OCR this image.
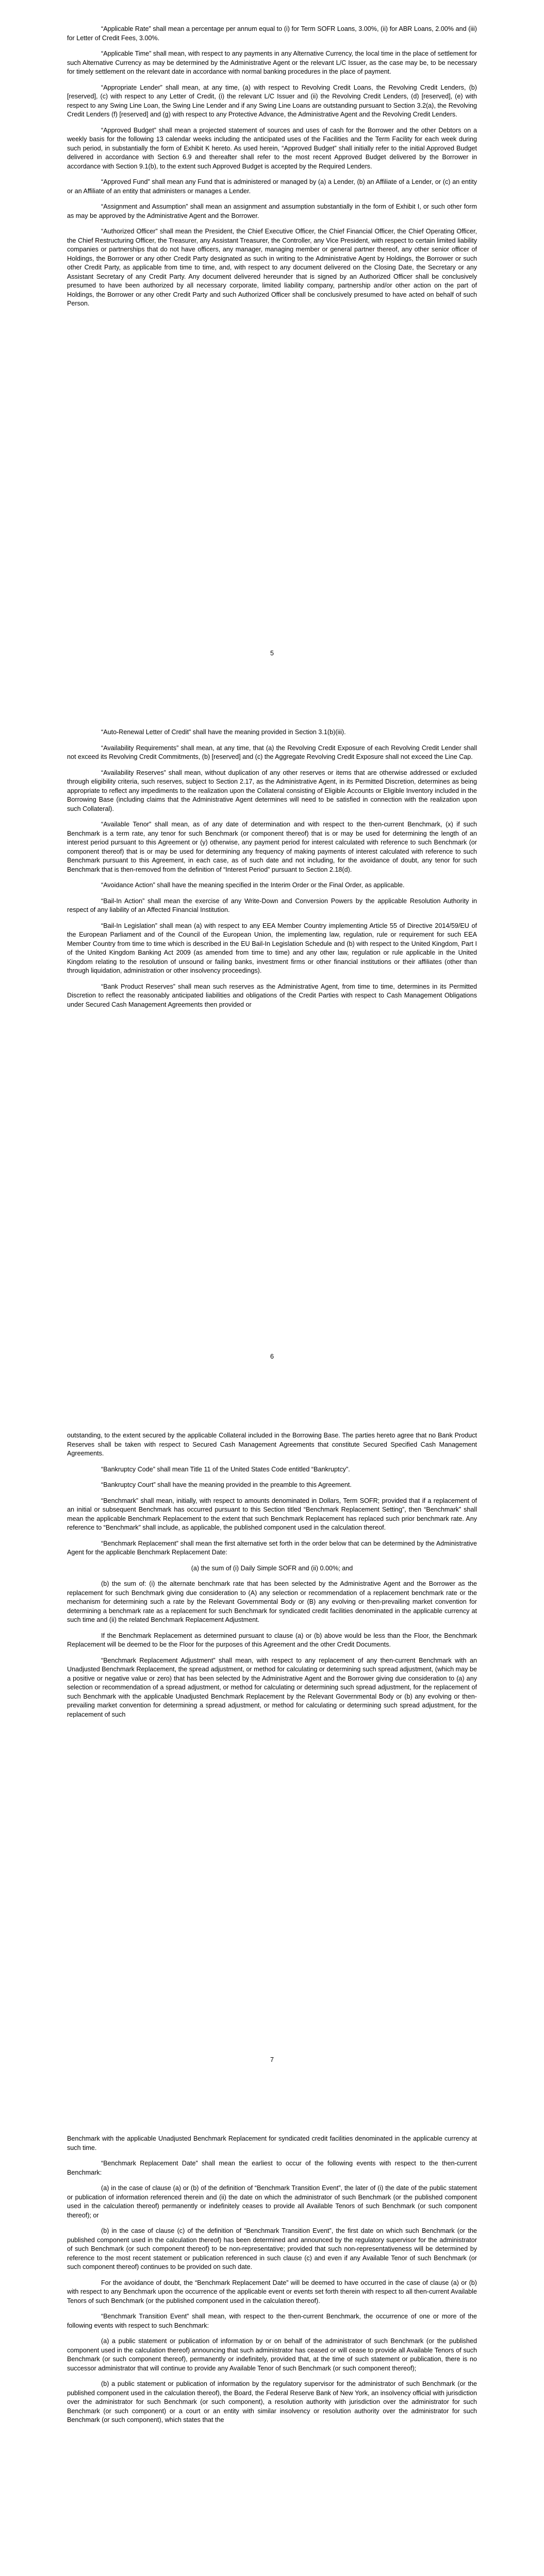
“Applicable Rate” shall mean a percentage per annum equal to (i) for Term SOFR Loans, 3.00%, (ii) for ABR Loans, 2.00% and (iii) for Letter of Credit Fees, 3.00%.

“Applicable Time” shall mean, with respect to any payments in any Alternative Currency, the local time in the place of settlement for such Alternative Currency as may be determined by the Administrative Agent or the relevant L/C Issuer, as the case may be, to be necessary for timely settlement on the relevant date in accordance with normal banking procedures in the place of payment.

“Appropriate Lender” shall mean, at any time, (a) with respect to Revolving Credit Loans, the Revolving Credit Lenders, (b) [reserved], (c) with respect to any Letter of Credit, (i) the relevant L/C Issuer and (ii) the Revolving Credit Lenders, (d) [reserved], (e) with respect to any Swing Line Loan, the Swing Line Lender and if any Swing Line Loans are outstanding pursuant to Section 3.2(a), the Revolving Credit Lenders (f) [reserved] and (g) with respect to any Protective Advance, the Administrative Agent and the Revolving Credit Lenders.

“Approved Budget” shall mean a projected statement of sources and uses of cash for the Borrower and the other Debtors on a weekly basis for the following 13 calendar weeks including the anticipated uses of the Facilities and the Term Facility for each week during such period, in substantially the form of Exhibit K hereto. As used herein, “Approved Budget” shall initially refer to the initial Approved Budget delivered in accordance with Section 6.9 and thereafter shall refer to the most recent Approved Budget delivered by the Borrower in accordance with Section 9.1(b), to the extent such Approved Budget is accepted by the Required Lenders.

“Approved Fund” shall mean any Fund that is administered or managed by (a) a Lender, (b) an Affiliate of a Lender, or (c) an entity or an Affiliate of an entity that administers or manages a Lender.

“Assignment and Assumption” shall mean an assignment and assumption substantially in the form of Exhibit I, or such other form as may be approved by the Administrative Agent and the Borrower.

“Authorized Officer” shall mean the President, the Chief Executive Officer, the Chief Financial Officer, the Chief Operating Officer, the Chief Restructuring Officer, the Treasurer, any Assistant Treasurer, the Controller, any Vice President, with respect to certain limited liability companies or partnerships that do not have officers, any manager, managing member or general partner thereof, any other senior officer of Holdings, the Borrower or any other Credit Party designated as such in writing to the Administrative Agent by Holdings, the Borrower or such other Credit Party, as applicable from time to time, and, with respect to any document delivered on the Closing Date, the Secretary or any Assistant Secretary of any Credit Party. Any document delivered hereunder that is signed by an Authorized Officer shall be conclusively presumed to have been authorized by all necessary corporate, limited liability company, partnership and/or other action on the part of Holdings, the Borrower or any other Credit Party and such Authorized Officer shall be conclusively presumed to have acted on behalf of such Person.

5

“Auto-Renewal Letter of Credit” shall have the meaning provided in Section 3.1(b)(iii).

“Availability Requirements” shall mean, at any time, that (a) the Revolving Credit Exposure of each Revolving Credit Lender shall not exceed its Revolving Credit Commitments, (b) [reserved] and (c) the Aggregate Revolving Credit Exposure shall not exceed the Line Cap.

“Availability Reserves” shall mean, without duplication of any other reserves or items that are otherwise addressed or excluded through eligibility criteria, such reserves, subject to Section 2.17, as the Administrative Agent, in its Permitted Discretion, determines as being appropriate to reflect any impediments to the realization upon the Collateral consisting of Eligible Accounts or Eligible Inventory included in the Borrowing Base (including claims that the Administrative Agent determines will need to be satisfied in connection with the realization upon such Collateral).

“Available Tenor” shall mean, as of any date of determination and with respect to the then-current Benchmark, (x) if such Benchmark is a term rate, any tenor for such Benchmark (or component thereof) that is or may be used for determining the length of an interest period pursuant to this Agreement or (y) otherwise, any payment period for interest calculated with reference to such Benchmark (or component thereof) that is or may be used for determining any frequency of making payments of interest calculated with reference to such Benchmark pursuant to this Agreement, in each case, as of such date and not including, for the avoidance of doubt, any tenor for such Benchmark that is then-removed from the definition of “Interest Period” pursuant to Section 2.18(d).

“Avoidance Action” shall have the meaning specified in the Interim Order or the Final Order, as applicable.

“Bail-In Action” shall mean the exercise of any Write-Down and Conversion Powers by the applicable Resolution Authority in respect of any liability of an Affected Financial Institution.

“Bail-In Legislation” shall mean (a) with respect to any EEA Member Country implementing Article 55 of Directive 2014/59/EU of the European Parliament and of the Council of the European Union, the implementing law, regulation, rule or requirement for such EEA Member Country from time to time which is described in the EU Bail-In Legislation Schedule and (b) with respect to the United Kingdom, Part I of the United Kingdom Banking Act 2009 (as amended from time to time) and any other law, regulation or rule applicable in the United Kingdom relating to the resolution of unsound or failing banks, investment firms or other financial institutions or their affiliates (other than through liquidation, administration or other insolvency proceedings).

“Bank Product Reserves” shall mean such reserves as the Administrative Agent, from time to time, determines in its Permitted Discretion to reflect the reasonably anticipated liabilities and obligations of the Credit Parties with respect to Cash Management Obligations under Secured Cash Management Agreements then provided or

6

outstanding, to the extent secured by the applicable Collateral included in the Borrowing Base. The parties hereto agree that no Bank Product Reserves shall be taken with respect to Secured Cash Management Agreements that constitute Secured Specified Cash Management Agreements.

“Bankruptcy Code” shall mean Title 11 of the United States Code entitled “Bankruptcy”.

“Bankruptcy Court” shall have the meaning provided in the preamble to this Agreement.

“Benchmark” shall mean, initially, with respect to amounts denominated in Dollars, Term SOFR; provided that if a replacement of an initial or subsequent Benchmark has occurred pursuant to this Section titled “Benchmark Replacement Setting”, then “Benchmark” shall mean the applicable Benchmark Replacement to the extent that such Benchmark Replacement has replaced such prior benchmark rate. Any reference to “Benchmark” shall include, as applicable, the published component used in the calculation thereof.

“Benchmark Replacement” shall mean the first alternative set forth in the order below that can be determined by the Administrative Agent for the applicable Benchmark Replacement Date:

(a) the sum of (i) Daily Simple SOFR and (ii) 0.00%; and

(b) the sum of: (i) the alternate benchmark rate that has been selected by the Administrative Agent and the Borrower as the replacement for such Benchmark giving due consideration to (A) any selection or recommendation of a replacement benchmark rate or the mechanism for determining such a rate by the Relevant Governmental Body or (B) any evolving or then-prevailing market convention for determining a benchmark rate as a replacement for such Benchmark for syndicated credit facilities denominated in the applicable currency at such time and (ii) the related Benchmark Replacement Adjustment.

If the Benchmark Replacement as determined pursuant to clause (a) or (b) above would be less than the Floor, the Benchmark Replacement will be deemed to be the Floor for the purposes of this Agreement and the other Credit Documents.

“Benchmark Replacement Adjustment” shall mean, with respect to any replacement of any then-current Benchmark with an Unadjusted Benchmark Replacement, the spread adjustment, or method for calculating or determining such spread adjustment, (which may be a positive or negative value or zero) that has been selected by the Administrative Agent and the Borrower giving due consideration to (a) any selection or recommendation of a spread adjustment, or method for calculating or determining such spread adjustment, for the replacement of such Benchmark with the applicable Unadjusted Benchmark Replacement by the Relevant Governmental Body or (b) any evolving or then-prevailing market convention for determining a spread adjustment, or method for calculating or determining such spread adjustment, for the replacement of such

7

Benchmark with the applicable Unadjusted Benchmark Replacement for syndicated credit facilities denominated in the applicable currency at such time.

“Benchmark Replacement Date” shall mean the earliest to occur of the following events with respect to the then-current Benchmark:

(a) in the case of clause (a) or (b) of the definition of “Benchmark Transition Event”, the later of (i) the date of the public statement or publication of information referenced therein and (ii) the date on which the administrator of such Benchmark (or the published component used in the calculation thereof) permanently or indefinitely ceases to provide all Available Tenors of such Benchmark (or such component thereof); or

(b) in the case of clause (c) of the definition of “Benchmark Transition Event”, the first date on which such Benchmark (or the published component used in the calculation thereof) has been determined and announced by the regulatory supervisor for the administrator of such Benchmark (or such component thereof) to be non-representative; provided that such non-representativeness will be determined by reference to the most recent statement or publication referenced in such clause (c) and even if any Available Tenor of such Benchmark (or such component thereof) continues to be provided on such date.

For the avoidance of doubt, the “Benchmark Replacement Date” will be deemed to have occurred in the case of clause (a) or (b) with respect to any Benchmark upon the occurrence of the applicable event or events set forth therein with respect to all then-current Available Tenors of such Benchmark (or the published component used in the calculation thereof).

“Benchmark Transition Event” shall mean, with respect to the then-current Benchmark, the occurrence of one or more of the following events with respect to such Benchmark:

(a) a public statement or publication of information by or on behalf of the administrator of such Benchmark (or the published component used in the calculation thereof) announcing that such administrator has ceased or will cease to provide all Available Tenors of such Benchmark (or such component thereof), permanently or indefinitely, provided that, at the time of such statement or publication, there is no successor administrator that will continue to provide any Available Tenor of such Benchmark (or such component thereof);

(b) a public statement or publication of information by the regulatory supervisor for the administrator of such Benchmark (or the published component used in the calculation thereof), the Board, the Federal Reserve Bank of New York, an insolvency official with jurisdiction over the administrator for such Benchmark (or such component), a resolution authority with jurisdiction over the administrator for such Benchmark (or such component) or a court or an entity with similar insolvency or resolution authority over the administrator for such Benchmark (or such component), which states that the
